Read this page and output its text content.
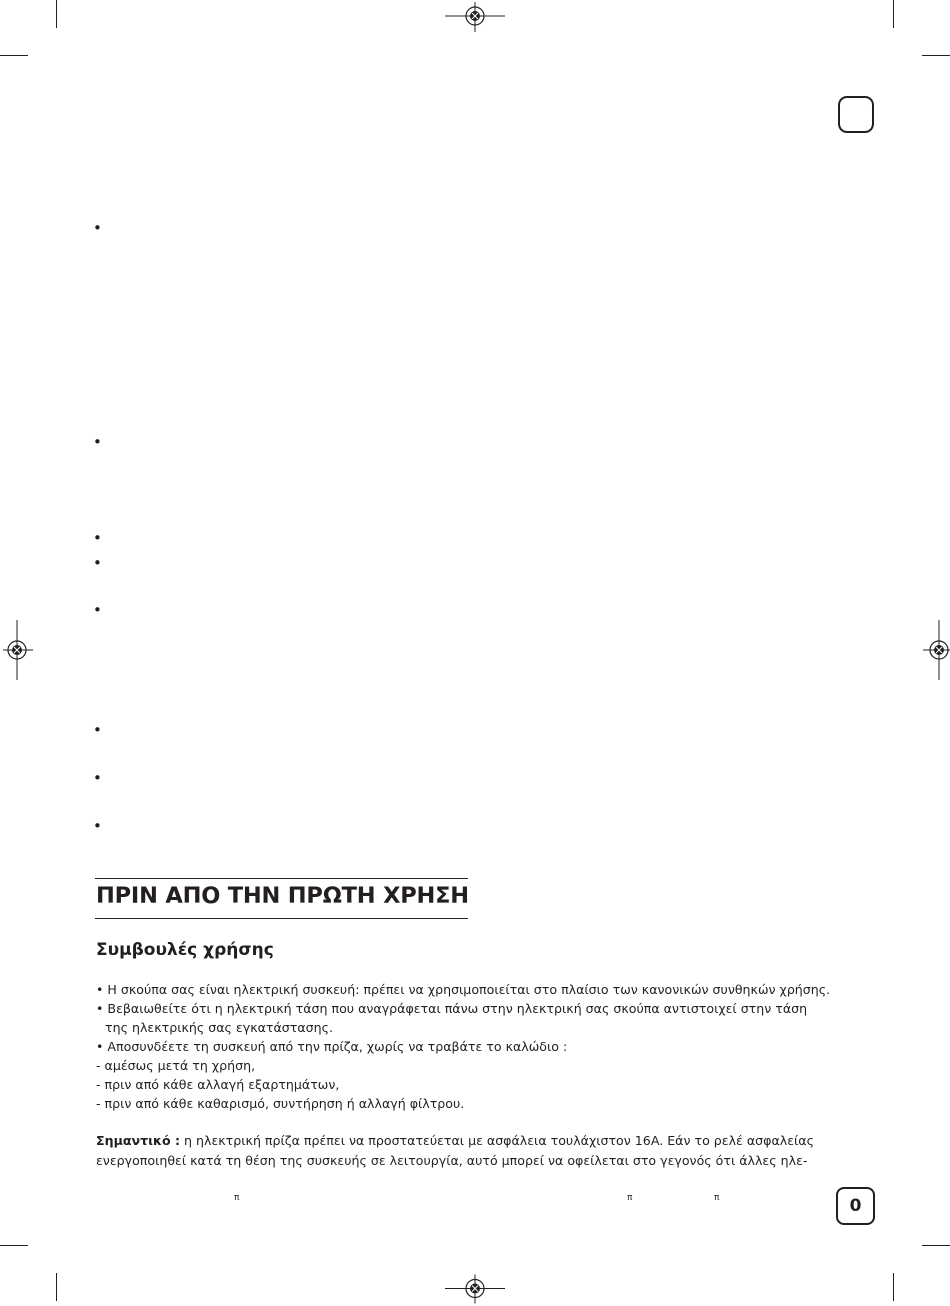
•
•
•
•
•
•
•
•
ΠΡΙΝ ΑΠΟ ΤΗΝ ΠΡΩΤΗ ΧΡΗΣΗ
Συμβουλές χρήσης
• Η σκούπα σας είναι ηλεκτρική συσκευή: πρέπει να χρησιμοποιείται στο πλαίσιο των κανονικών συνθηκών χρήσης.
• Βεβαιωθείτε ότι η ηλεκτρική τάση που αναγράφεται πάνω στην ηλεκτρική σας σκούπα αντιστοιχεί στην τάση
της ηλεκτρικής σας εγκατάστασης.
• Αποσυνδέετε τη συσκευή από την πρίζα, χωρίς να τραβάτε το καλώδιο :
- αμέσως μετά τη χρήση,
- πριν από κάθε αλλαγή εξαρτημάτων,
- πριν από κάθε καθαρισμό, συντήρηση ή αλλαγή φίλτρου.
Σημαντικό : η ηλεκτρική πρίζα πρέπει να προστατεύεται με ασφάλεια τουλάχιστον 16A. Εάν το ρελέ ασφαλείας
ενεργοποιηθεί κατά τη θέση της συσκευής σε λειτουργία, αυτό μπορεί να οφείλεται στο γεγονός ότι άλλες ηλε-
π	π	π	0
